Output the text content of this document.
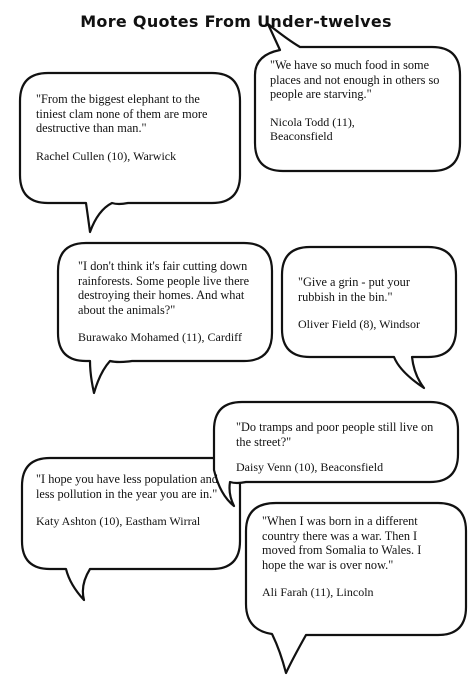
More Quotes From Under-twelves

"From the biggest elephant to the tiniest clam none of them are more destructive than man."

Rachel Cullen (10), Warwick

"We have so much food in some places and not enough in others so people are starving."

Nicola Todd (11), Beaconsfield

"I don't think it's fair cutting down rainforests. Some people live there destroying their homes. And what about the animals?"

Burawako Mohamed (11), Cardiff

"Give a grin - put your rubbish in the bin."

Oliver Field (8), Windsor

"Do tramps and poor people still live on the street?"

Daisy Venn (10), Beaconsfield

"I hope you have less population and less pollution in the year you are in."

Katy Ashton (10), Eastham Wirral	"When I was born in a different country there was a war. Then I moved from Somalia to Wales. I hope the war is over now."

Ali Farah (11), Lincoln
